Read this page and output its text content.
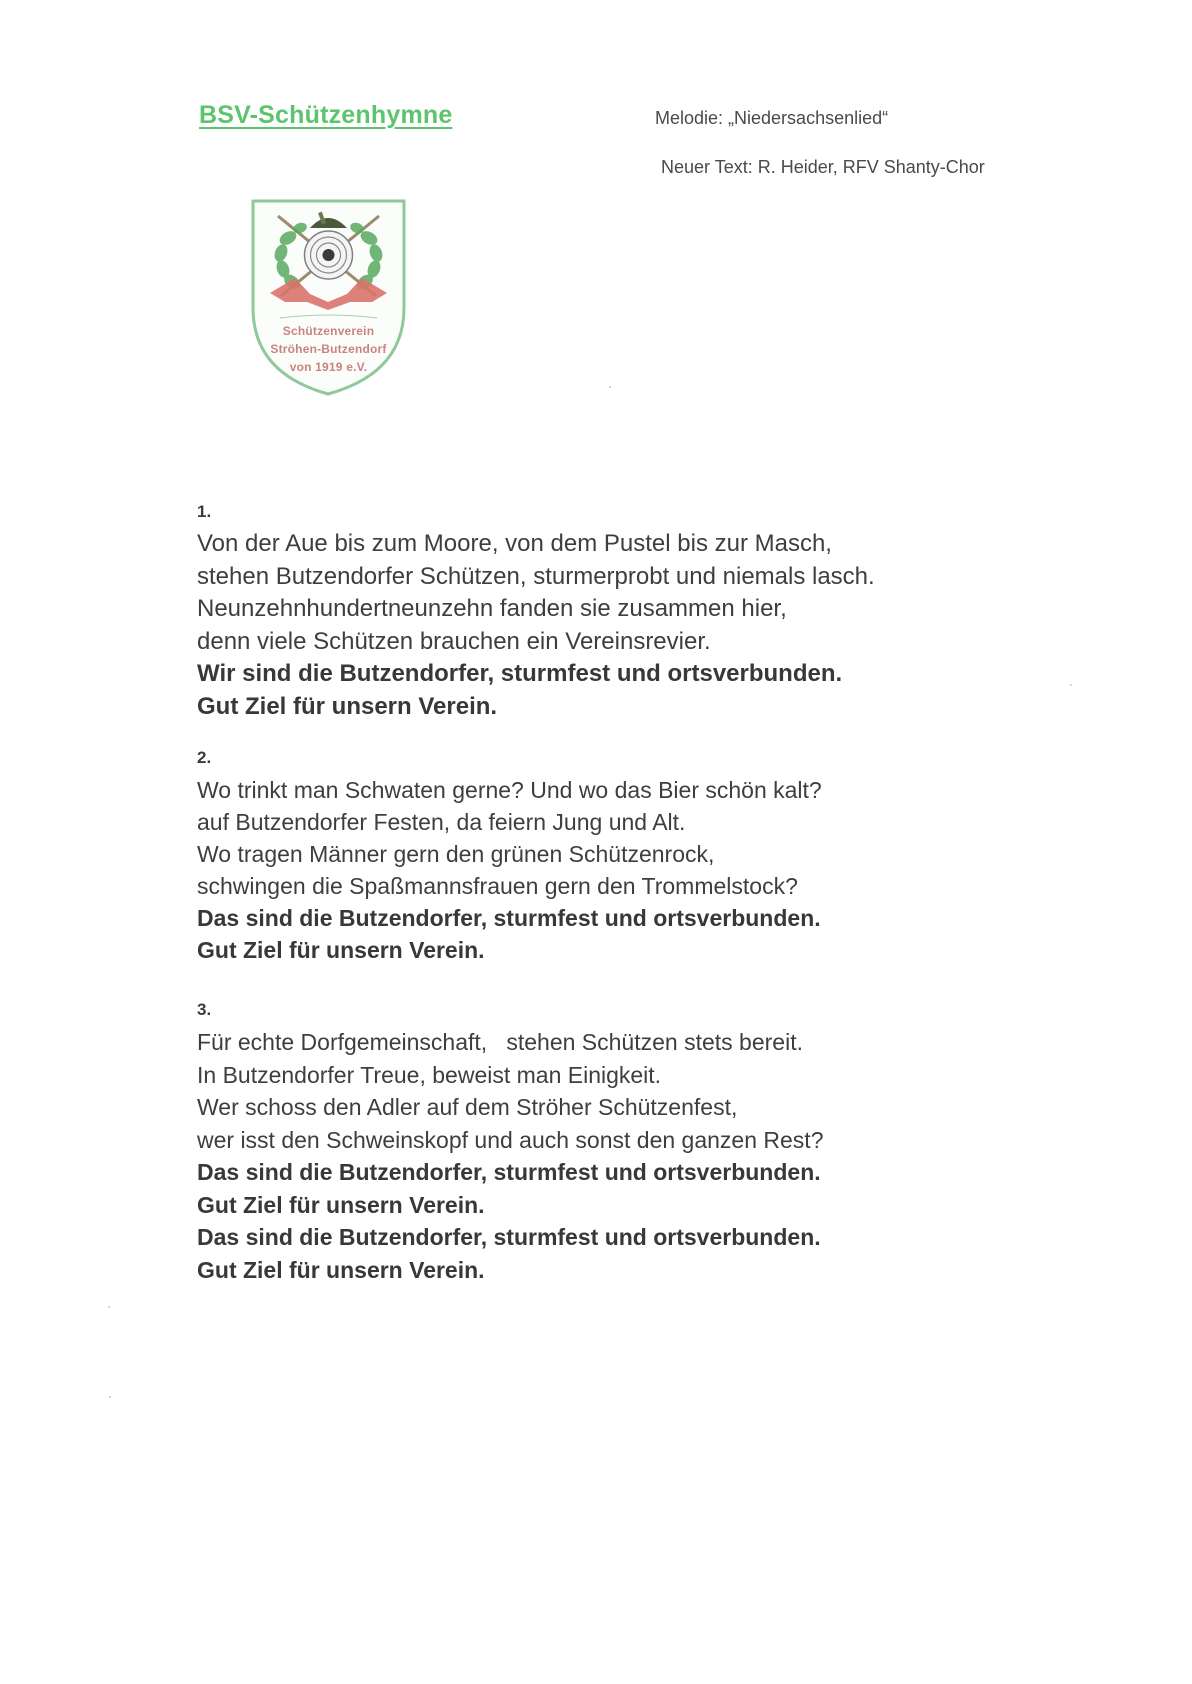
BSV-Schützenhymne	Melodie: „Niedersachsenlied“
Neuer Text: R. Heider, RFV Shanty-Chor
Schützenverein
Ströhen-Butzendorf
von 1919 e.V.
1.
Von der Aue bis zum Moore, von dem Pustel bis zur Masch,
stehen Butzendorfer Schützen, sturmerprobt und niemals lasch.
Neunzehnhundertneunzehn fanden sie zusammen hier,
denn viele Schützen brauchen ein Vereinsrevier.
Wir sind die Butzendorfer, sturmfest und ortsverbunden.
Gut Ziel für unsern Verein.
2.
Wo trinkt man Schwaten gerne? Und wo das Bier schön kalt?
auf Butzendorfer Festen, da feiern Jung und Alt.
Wo tragen Männer gern den grünen Schützenrock,
schwingen die Spaßmannsfrauen gern den Trommelstock?
Das sind die Butzendorfer, sturmfest und ortsverbunden.
Gut Ziel für unsern Verein.
3.
Für echte Dorfgemeinschaft,   stehen Schützen stets bereit.
In Butzendorfer Treue, beweist man Einigkeit.
Wer schoss den Adler auf dem Ströher Schützenfest,
wer isst den Schweinskopf und auch sonst den ganzen Rest?
Das sind die Butzendorfer, sturmfest und ortsverbunden.
Gut Ziel für unsern Verein.
Das sind die Butzendorfer, sturmfest und ortsverbunden.
Gut Ziel für unsern Verein.
